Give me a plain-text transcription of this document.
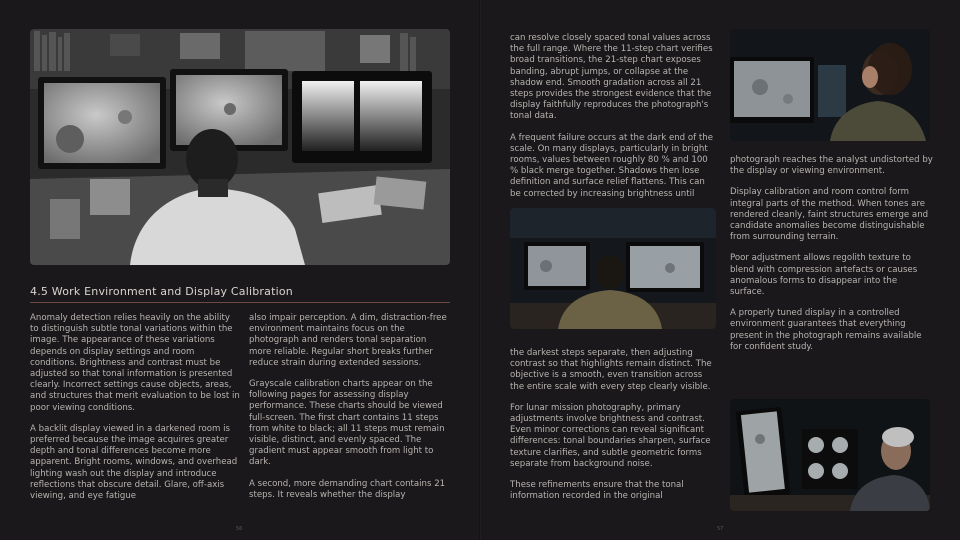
4.5 Work Environment and Display Calibration

Anomaly detection relies heavily on the ability to distinguish subtle tonal variations within the image. The appearance of these variations depends on display settings and room conditions. Brightness and contrast must be adjusted so that tonal information is presented clearly. Incorrect settings cause objects, areas, and structures that merit evaluation to be lost in poor viewing conditions.

A backlit display viewed in a darkened room is preferred because the image acquires greater depth and tonal differences become more apparent. Bright rooms, windows, and overhead lighting wash out the display and introduce reflections that obscure detail. Glare, off-axis viewing, and eye fatigue

also impair perception. A dim, distraction-free environment maintains focus on the photograph and renders tonal separation more reliable. Regular short breaks further reduce strain during extended sessions.

Grayscale calibration charts appear on the following pages for assessing display performance. These charts should be viewed full-screen. The first chart contains 11 steps from white to black; all 11 steps must remain visible, distinct, and evenly spaced. The gradient must appear smooth from light to dark.

A second, more demanding chart contains 21 steps. It reveals whether the display

56

can resolve closely spaced tonal values across the full range. Where the 11-step chart verifies broad transitions, the 21-step chart exposes banding, abrupt jumps, or collapse at the shadow end. Smooth gradation across all 21 steps provides the strongest evidence that the display faithfully reproduces the photograph's tonal data.

A frequent failure occurs at the dark end of the scale. On many displays, particularly in bright rooms, values between roughly 80 % and 100 % black merge together. Shadows then lose definition and surface relief flattens. This can be corrected by increasing brightness until

the darkest steps separate, then adjusting contrast so that highlights remain distinct. The objective is a smooth, even transition across the entire scale with every step clearly visible.

For lunar mission photography, primary adjustments involve brightness and contrast. Even minor corrections can reveal significant differences: tonal boundaries sharpen, surface texture clarifies, and subtle geometric forms separate from background noise.

These refinements ensure that the tonal information recorded in the original

photograph reaches the analyst undistorted by the display or viewing environment.

Display calibration and room control form integral parts of the method. When tones are rendered cleanly, faint structures emerge and candidate anomalies become distinguishable from surrounding terrain.

Poor adjustment allows regolith texture to blend with compression artefacts or causes anomalous forms to disappear into the surface.

A properly tuned display in a controlled environment guarantees that everything present in the photograph remains available for confident study.

57
